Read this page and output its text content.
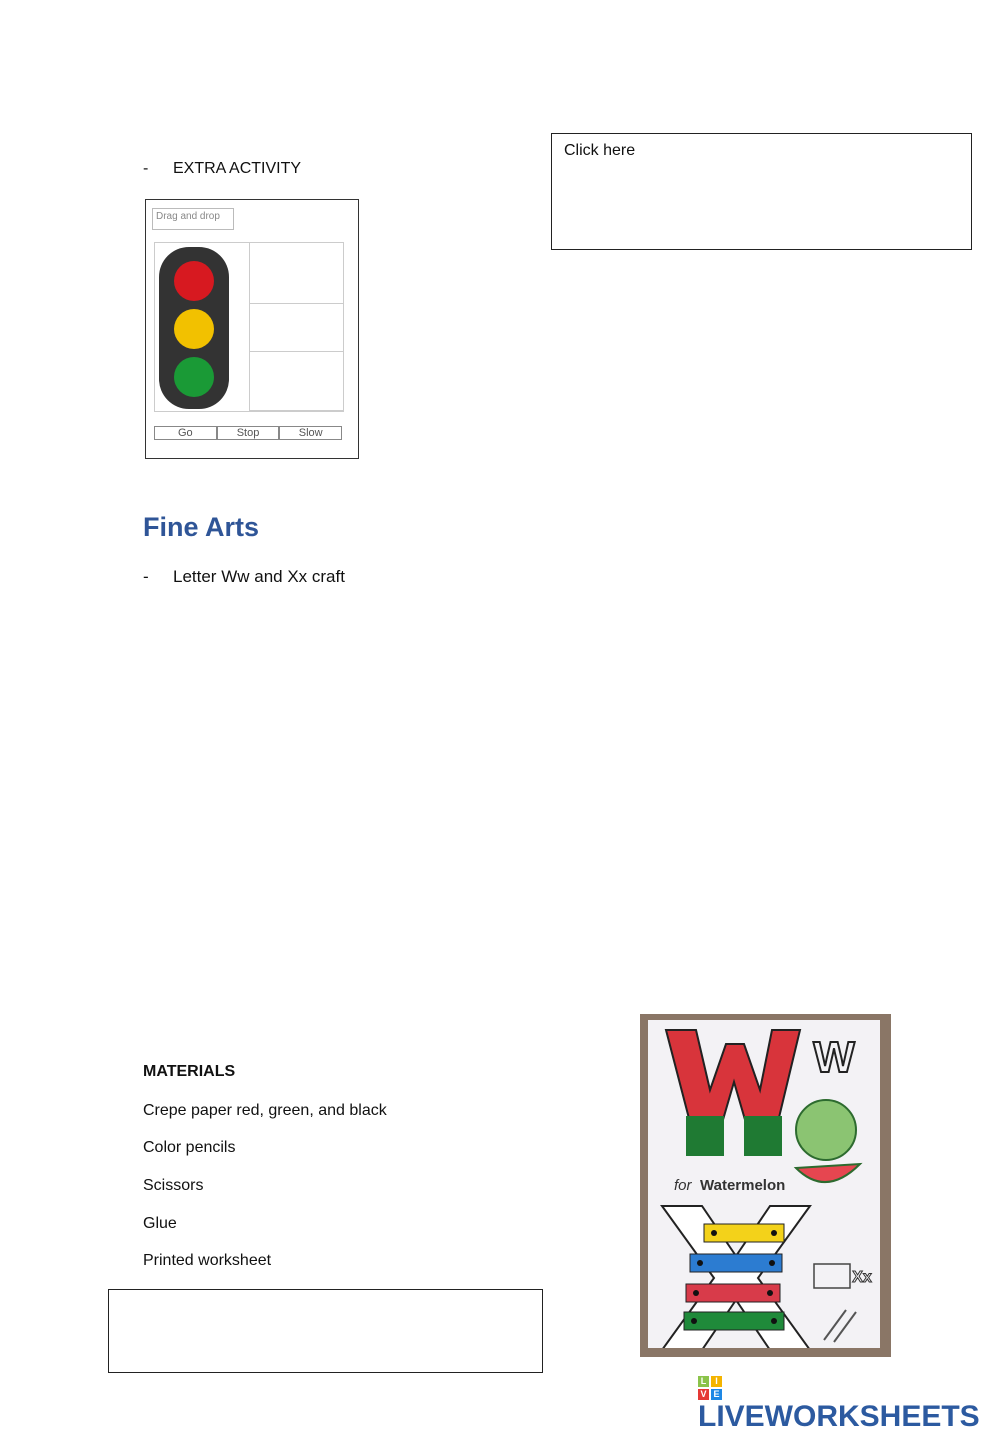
-	EXTRA ACTIVITY
Click here
Drag and drop
Go	Stop	Slow
Fine Arts
-	Letter Ww and Xx craft
MATERIALS
Crepe paper red, green, and black
Color pencils
Scissors
Glue
Printed worksheet
W
for Watermelon
Xx
L I
V E
LIVEWORKSHEETS
